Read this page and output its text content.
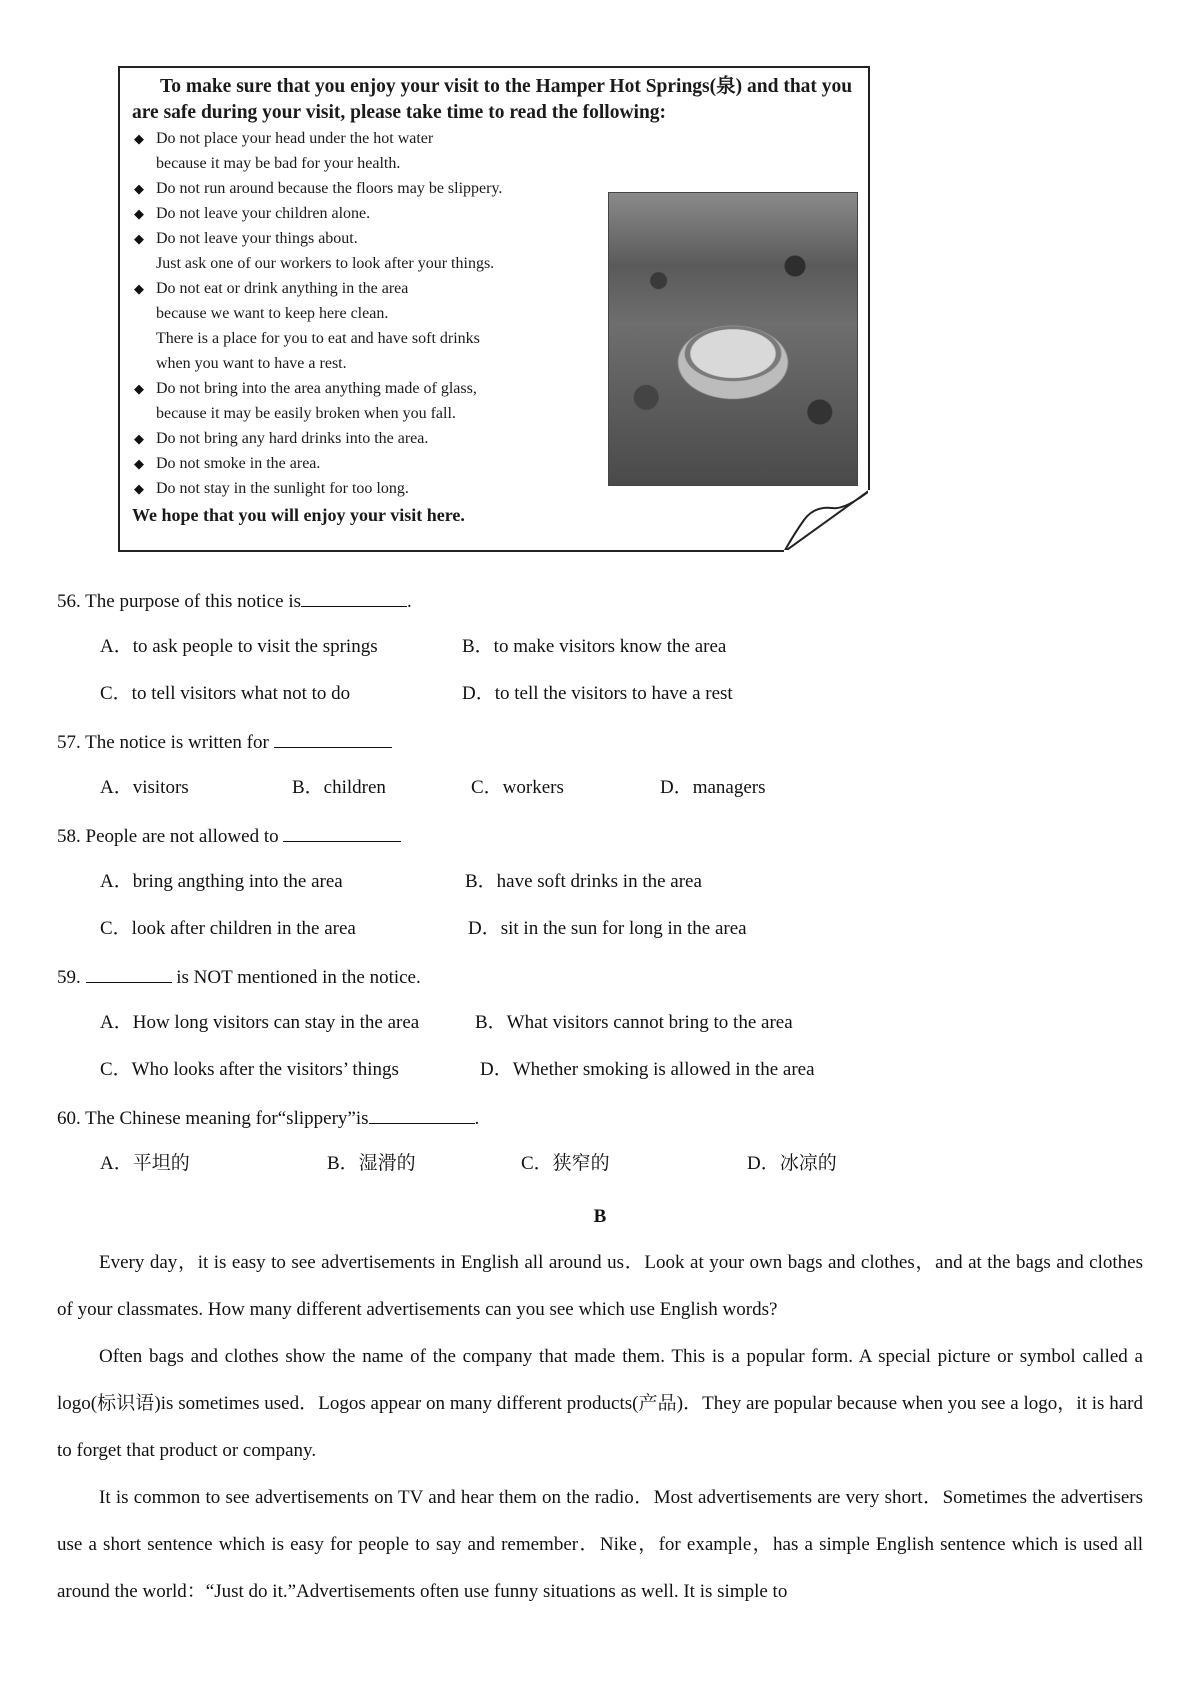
To make sure that you enjoy your visit to the Hamper Hot Springs(泉) and that you are safe during your visit, please take time to read the following:

◆ Do not place your head under the hot water
because it may be bad for your health.
◆ Do not run around because the floors may be slippery.
◆ Do not leave your children alone.
◆ Do not leave your things about.
Just ask one of our workers to look after your things.
◆ Do not eat or drink anything in the area
because we want to keep here clean.
There is a place for you to eat and have soft drinks
when you want to have a rest.
◆ Do not bring into the area anything made of glass,
because it may be easily broken when you fall.
◆ Do not bring any hard drinks into the area.
◆ Do not smoke in the area.
◆ Do not stay in the sunlight for too long.
We hope that you will enjoy your visit here.
56. The purpose of this notice is	.
A．to ask people to visit the springs	B．to make visitors know the area
C．to tell visitors what not to do	D．to tell the visitors to have a rest
57. The notice is written for
A．visitors	B．children	C．workers	D．managers
58. People are not allowed to
A．bring angthing into the area	B．have soft drinks in the area
C．look after children in the area	D．sit in the sun for long in the area
59.	is NOT mentioned in the notice.
A．How long visitors can stay in the area	B．What visitors cannot bring to the area
C．Who looks after the visitors’ things	D．Whether smoking is allowed in the area
60. The Chinese meaning for“slippery”is	.
A．平坦的	B．湿滑的	C．狭窄的	D．冰凉的
B

Every day，it is easy to see advertisements in English all around us．Look at your own bags and clothes，and at the bags and clothes of your classmates. How many different advertisements can you see which use English words?

Often bags and clothes show the name of the company that made them. This is a popular form. A special picture or symbol called a logo(标识语)is sometimes used．Logos appear on many different products(产品)．They are popular because when you see a logo，it is hard to forget that product or company.

It is common to see advertisements on TV and hear them on the radio．Most advertisements are very short．Sometimes the advertisers use a short sentence which is easy for people to say and remember．Nike，for example，has a simple English sentence which is used all around the world：“Just do it.”Advertisements often use funny situations as well. It is simple to
